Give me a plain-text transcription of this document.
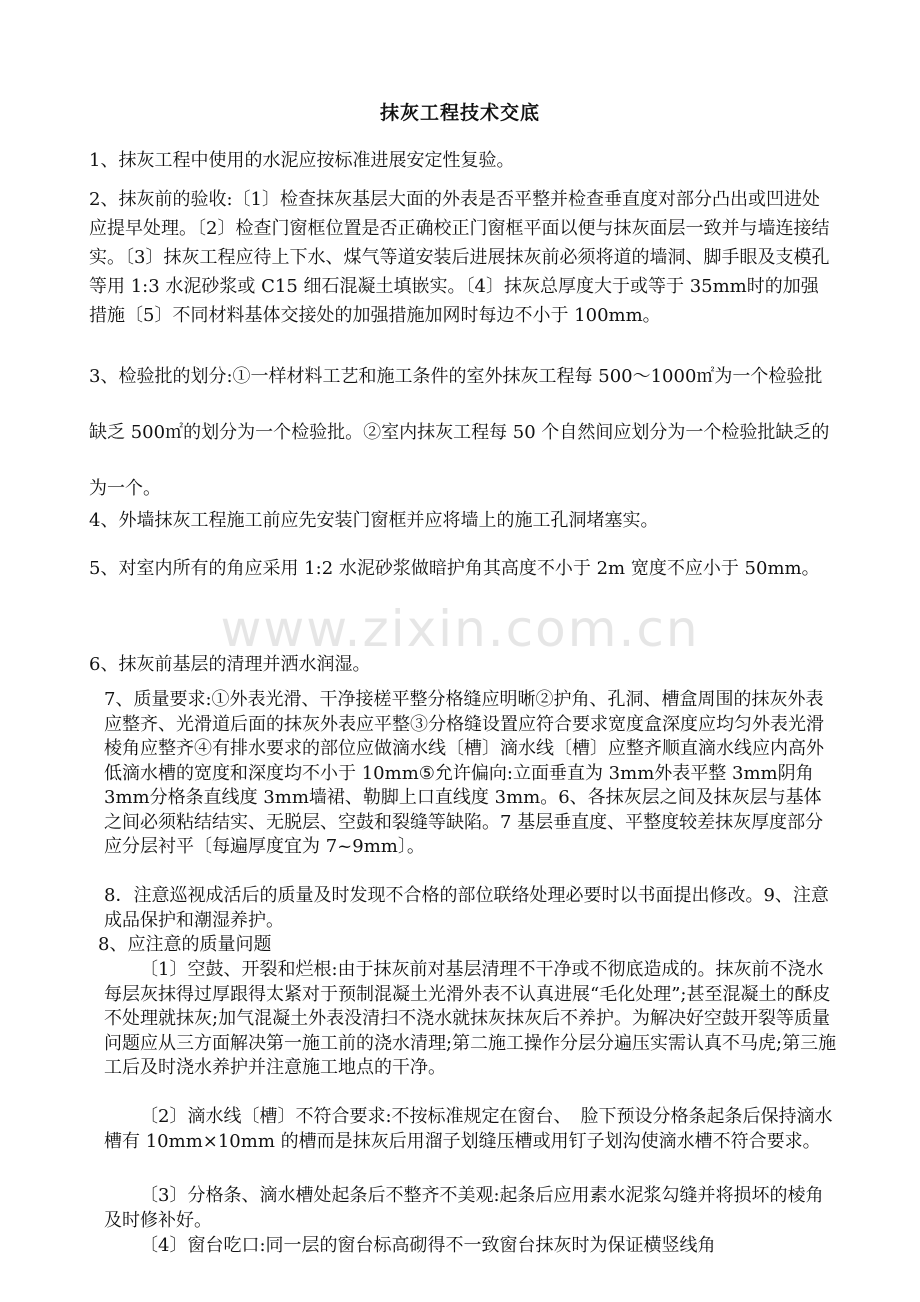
抹灰工程技术交底

1、抹灰工程中使用的水泥应按标准进展安定性复验。

2、抹灰前的验收:〔1〕检查抹灰基层大面的外表是否平整并检查垂直度对部分凸出或凹进处应提早处理。〔2〕检查门窗框位置是否正确校正门窗框平面以便与抹灰面层一致并与墙连接结实。〔3〕抹灰工程应待上下水、煤气等道安装后进展抹灰前必须将道的墙洞、脚手眼及支模孔等用 1:3 水泥砂浆或 C15 细石混凝土填嵌实。〔4〕抹灰总厚度大于或等于 35mm时的加强措施〔5〕不同材料基体交接处的加强措施加网时每边不小于 100mm。

3、检验批的划分:①一样材料工艺和施工条件的室外抹灰工程每 500～1000㎡为一个检验批缺乏 500㎡的划分为一个检验批。②室内抹灰工程每 50 个自然间应划分为一个检验批缺乏的为一个。

4、外墙抹灰工程施工前应先安装门窗框并应将墙上的施工孔洞堵塞实。

5、对室内所有的角应采用 1:2 水泥砂浆做暗护角其高度不小于 2m 宽度不应小于 50mm。

6、抹灰前基层的清理并洒水润湿。

7、质量要求:①外表光滑、干净接槎平整分格缝应明晰②护角、孔洞、槽盒周围的抹灰外表应整齐、光滑道后面的抹灰外表应平整③分格缝设置应符合要求宽度盒深度应均匀外表光滑棱角应整齐④有排水要求的部位应做滴水线〔槽〕滴水线〔槽〕应整齐顺直滴水线应内高外低滴水槽的宽度和深度均不小于 10mm⑤允许偏向:立面垂直为 3mm外表平整 3mm阴角 3mm分格条直线度 3mm墙裙、勒脚上口直线度 3mm。6、各抹灰层之间及抹灰层与基体之间必须粘结结实、无脱层、空鼓和裂缝等缺陷。7 基层垂直度、平整度较差抹灰厚度部分应分层衬平〔每遍厚度宜为 7~9mm〕。

8．注意巡视成活后的质量及时发现不合格的部位联络处理必要时以书面提出修改。9、注意成品保护和潮湿养护。

8、应注意的质量问题

〔1〕空鼓、开裂和烂根:由于抹灰前对基层清理不干净或不彻底造成的。抹灰前不浇水每层灰抹得过厚跟得太紧对于预制混凝土光滑外表不认真进展“毛化处理”;甚至混凝土的酥皮不处理就抹灰;加气混凝土外表没清扫不浇水就抹灰抹灰后不养护。为解决好空鼓开裂等质量问题应从三方面解决第一施工前的浇水清理;第二施工操作分层分遍压实需认真不马虎;第三施工后及时浇水养护并注意施工地点的干净。

〔2〕滴水线〔槽〕不符合要求:不按标准规定在窗台、　脸下预设分格条起条后保持滴水槽有 10mm×10mm 的槽而是抹灰后用溜子划缝压槽或用钉子划沟使滴水槽不符合要求。

〔3〕分格条、滴水槽处起条后不整齐不美观:起条后应用素水泥浆勾缝并将损坏的棱角及时修补好。

〔4〕窗台吃口:同一层的窗台标高砌得不一致窗台抹灰时为保证横竖线角

www.zixin.com.cn
